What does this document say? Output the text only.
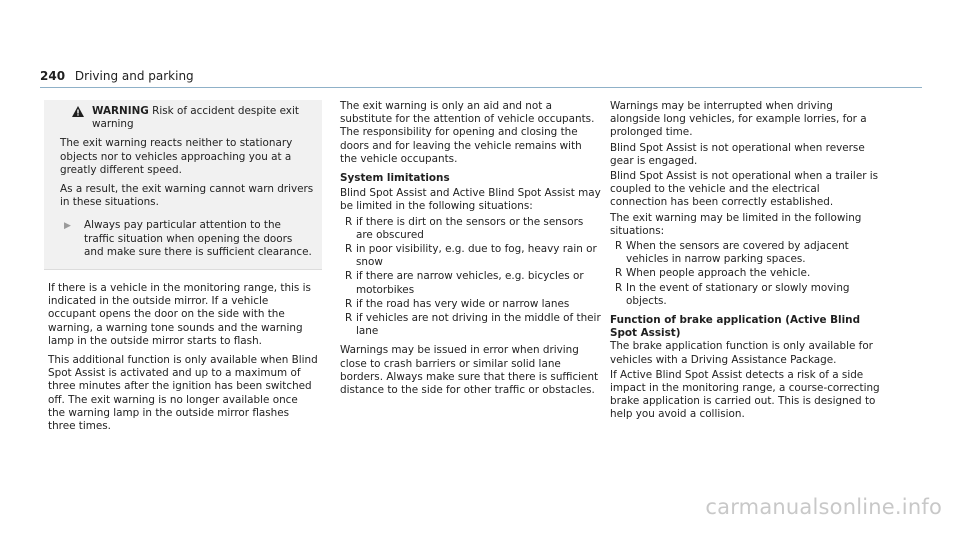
240 Driving and parking
WARNING Risk of accident despite exit warning

The exit warning reacts neither to stationary objects nor to vehicles approaching you at a greatly different speed.

As a result, the exit warning cannot warn drivers in these situations.

▶	Always pay particular attention to the traffic situation when opening the doors and make sure there is sufficient clearance.

If there is a vehicle in the monitoring range, this is indicated in the outside mirror. If a vehicle occupant opens the door on the side with the warning, a warning tone sounds and the warning lamp in the outside mirror starts to flash.

This additional function is only available when Blind Spot Assist is activated and up to a maximum of three minutes after the ignition has been switched off. The exit warning is no longer available once the warning lamp in the outside mirror flashes three times.

The exit warning is only an aid and not a substitute for the attention of vehicle occupants. The responsibility for opening and closing the doors and for leaving the vehicle remains with the vehicle occupants.

System limitations

Blind Spot Assist and Active Blind Spot Assist may be limited in the following situations:

R if there is dirt on the sensors or the sensors are obscured
R in poor visibility, e.g. due to fog, heavy rain or snow
R if there are narrow vehicles, e.g. bicycles or motorbikes
R if the road has very wide or narrow lanes
R if vehicles are not driving in the middle of their lane

Warnings may be issued in error when driving close to crash barriers or similar solid lane borders. Always make sure that there is sufficient distance to the side for other traffic or obstacles.

Warnings may be interrupted when driving alongside long vehicles, for example lorries, for a prolonged time.

Blind Spot Assist is not operational when reverse gear is engaged.

Blind Spot Assist is not operational when a trailer is coupled to the vehicle and the electrical connection has been correctly established.

The exit warning may be limited in the following situations:

R When the sensors are covered by adjacent vehicles in narrow parking spaces.
R When people approach the vehicle.
R In the event of stationary or slowly moving objects.
Function of brake application (Active Blind Spot Assist)

The brake application function is only available for vehicles with a Driving Assistance Package.

If Active Blind Spot Assist detects a risk of a side impact in the monitoring range, a course-correcting brake application is carried out. This is designed to help you avoid a collision.

carmanualsonline.info
